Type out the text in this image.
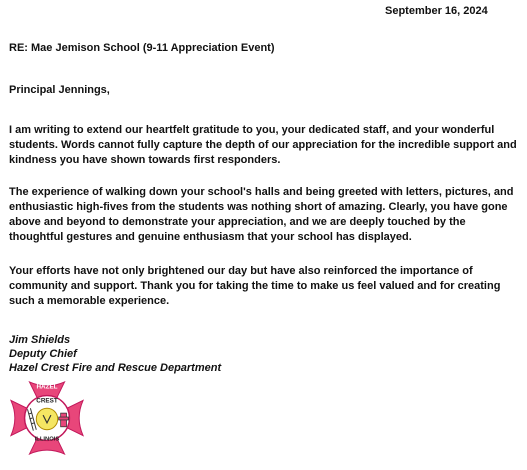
September 16, 2024
RE: Mae Jemison School (9-11 Appreciation Event)
Principal Jennings,

I am writing to extend our heartfelt gratitude to you, your dedicated staff, and your wonderful students. Words cannot fully capture the depth of our appreciation for the incredible support and kindness you have shown towards first responders.

The experience of walking down your school's halls and being greeted with letters, pictures, and enthusiastic high-fives from the students was nothing short of amazing. Clearly, you have gone above and beyond to demonstrate your appreciation, and we are deeply touched by the thoughtful gestures and genuine enthusiasm that your school has displayed.

Your efforts have not only brightened our day but have also reinforced the importance of community and support. Thank you for taking the time to make us feel valued and for creating such a memorable experience.

Jim Shields
Deputy Chief
Hazel Crest Fire and Rescue Department
HAZEL
CREST
ILLINOIS
